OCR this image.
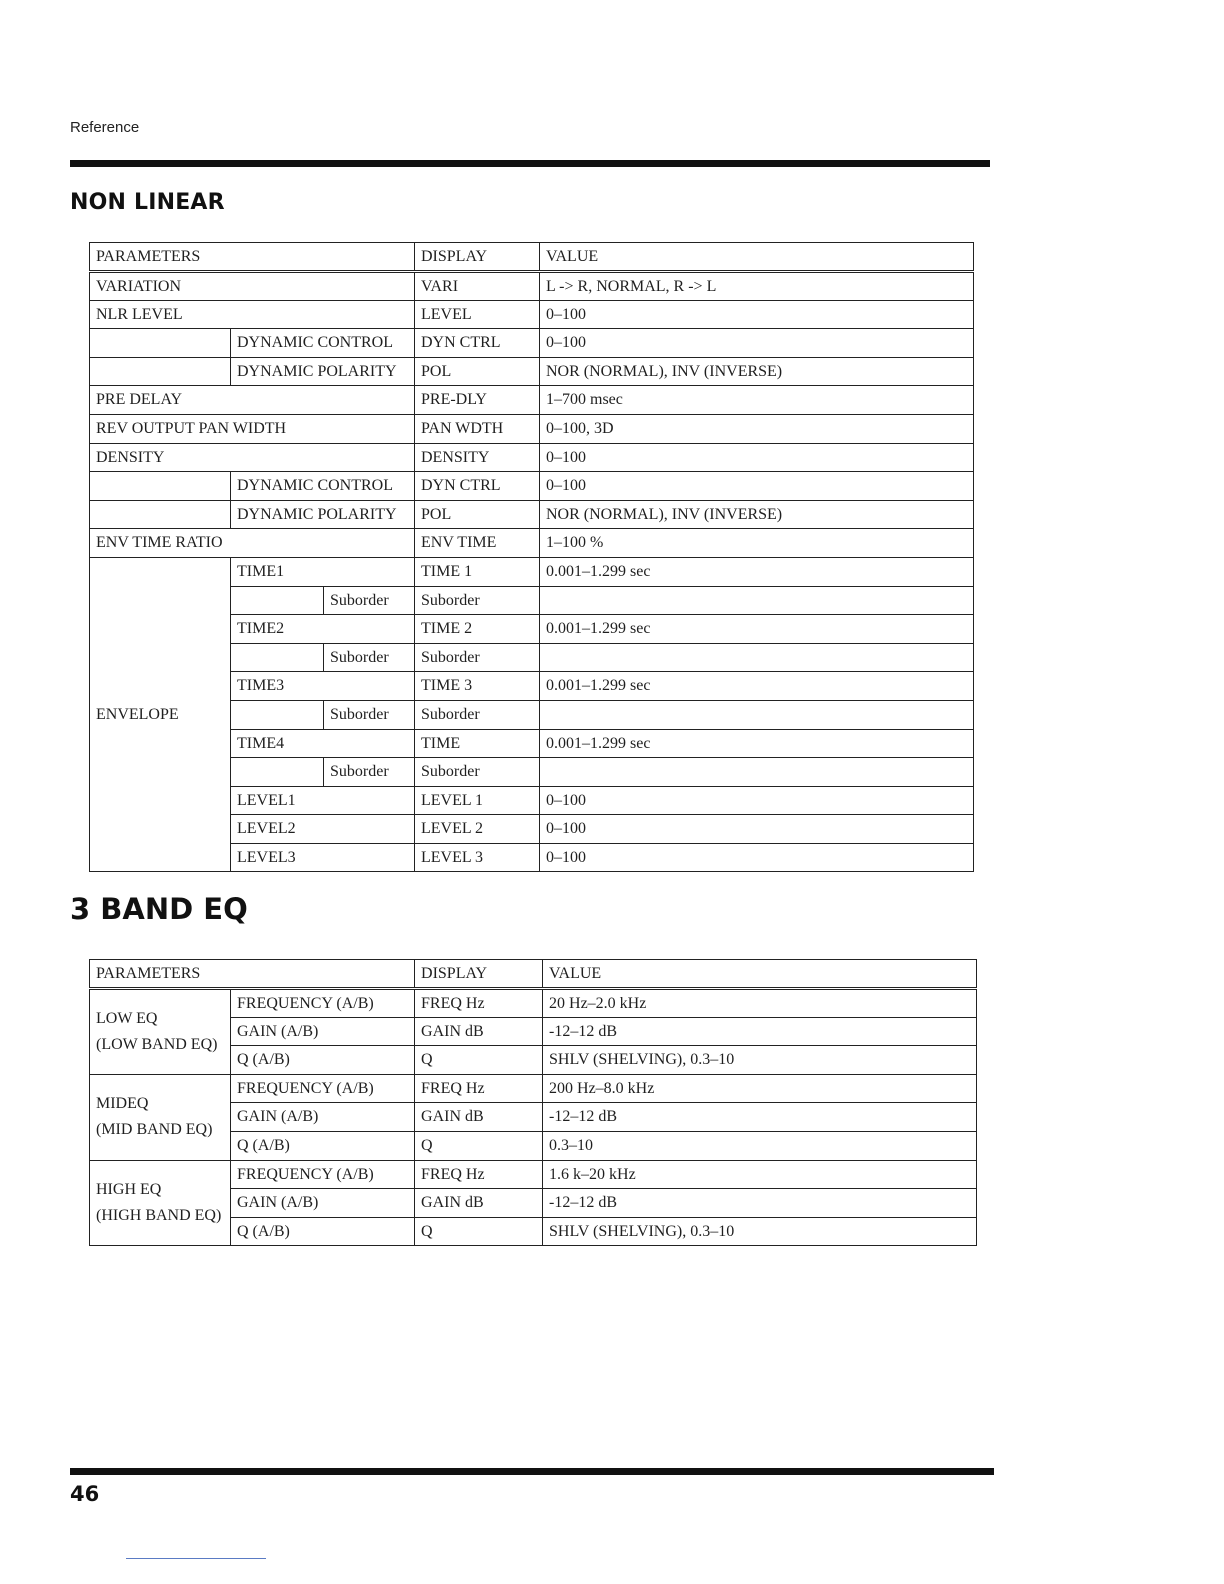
Reference
NON LINEAR
PARAMETERS			DISPLAY	VALUE
VARIATION			VARI	L -> R, NORMAL, R -> L
NLR LEVEL			LEVEL	0–100
	DYNAMIC CONTROL		DYN CTRL	0–100
	DYNAMIC POLARITY		POL	NOR (NORMAL), INV (INVERSE)
PRE DELAY			PRE-DLY	1–700 msec
REV OUTPUT PAN WIDTH			PAN WDTH	0–100, 3D
DENSITY			DENSITY	0–100
	DYNAMIC CONTROL		DYN CTRL	0–100
	DYNAMIC POLARITY		POL	NOR (NORMAL), INV (INVERSE)
ENV TIME RATIO			ENV TIME	1–100 %

ENVELOPE	TIME1		TIME 1	0.001–1.299 sec
		Suborder	Suborder	
	TIME2		TIME 2	0.001–1.299 sec
		Suborder	Suborder	
	TIME3		TIME 3	0.001–1.299 sec
		Suborder	Suborder	
	TIME4		TIME	0.001–1.299 sec
		Suborder	Suborder	
	LEVEL1		LEVEL 1	0–100
	LEVEL2		LEVEL 2	0–100
	LEVEL3		LEVEL 3	0–100
3 BAND EQ
PARAMETERS		DISPLAY	VALUE

LOW EQ
(LOW BAND EQ)	FREQUENCY (A/B)	FREQ Hz	20 Hz–2.0 kHz
	GAIN (A/B)	GAIN dB	-12–12 dB
	Q (A/B)	Q	SHLV (SHELVING), 0.3–10

MIDEQ
(MID BAND EQ)	FREQUENCY (A/B)	FREQ Hz	200 Hz–8.0 kHz
	GAIN (A/B)	GAIN dB	-12–12 dB
	Q (A/B)	Q	0.3–10

HIGH EQ
(HIGH BAND EQ)	FREQUENCY (A/B)	FREQ Hz	1.6 k–20 kHz
	GAIN (A/B)	GAIN dB	-12–12 dB
	Q (A/B)	Q	SHLV (SHELVING), 0.3–10
46
